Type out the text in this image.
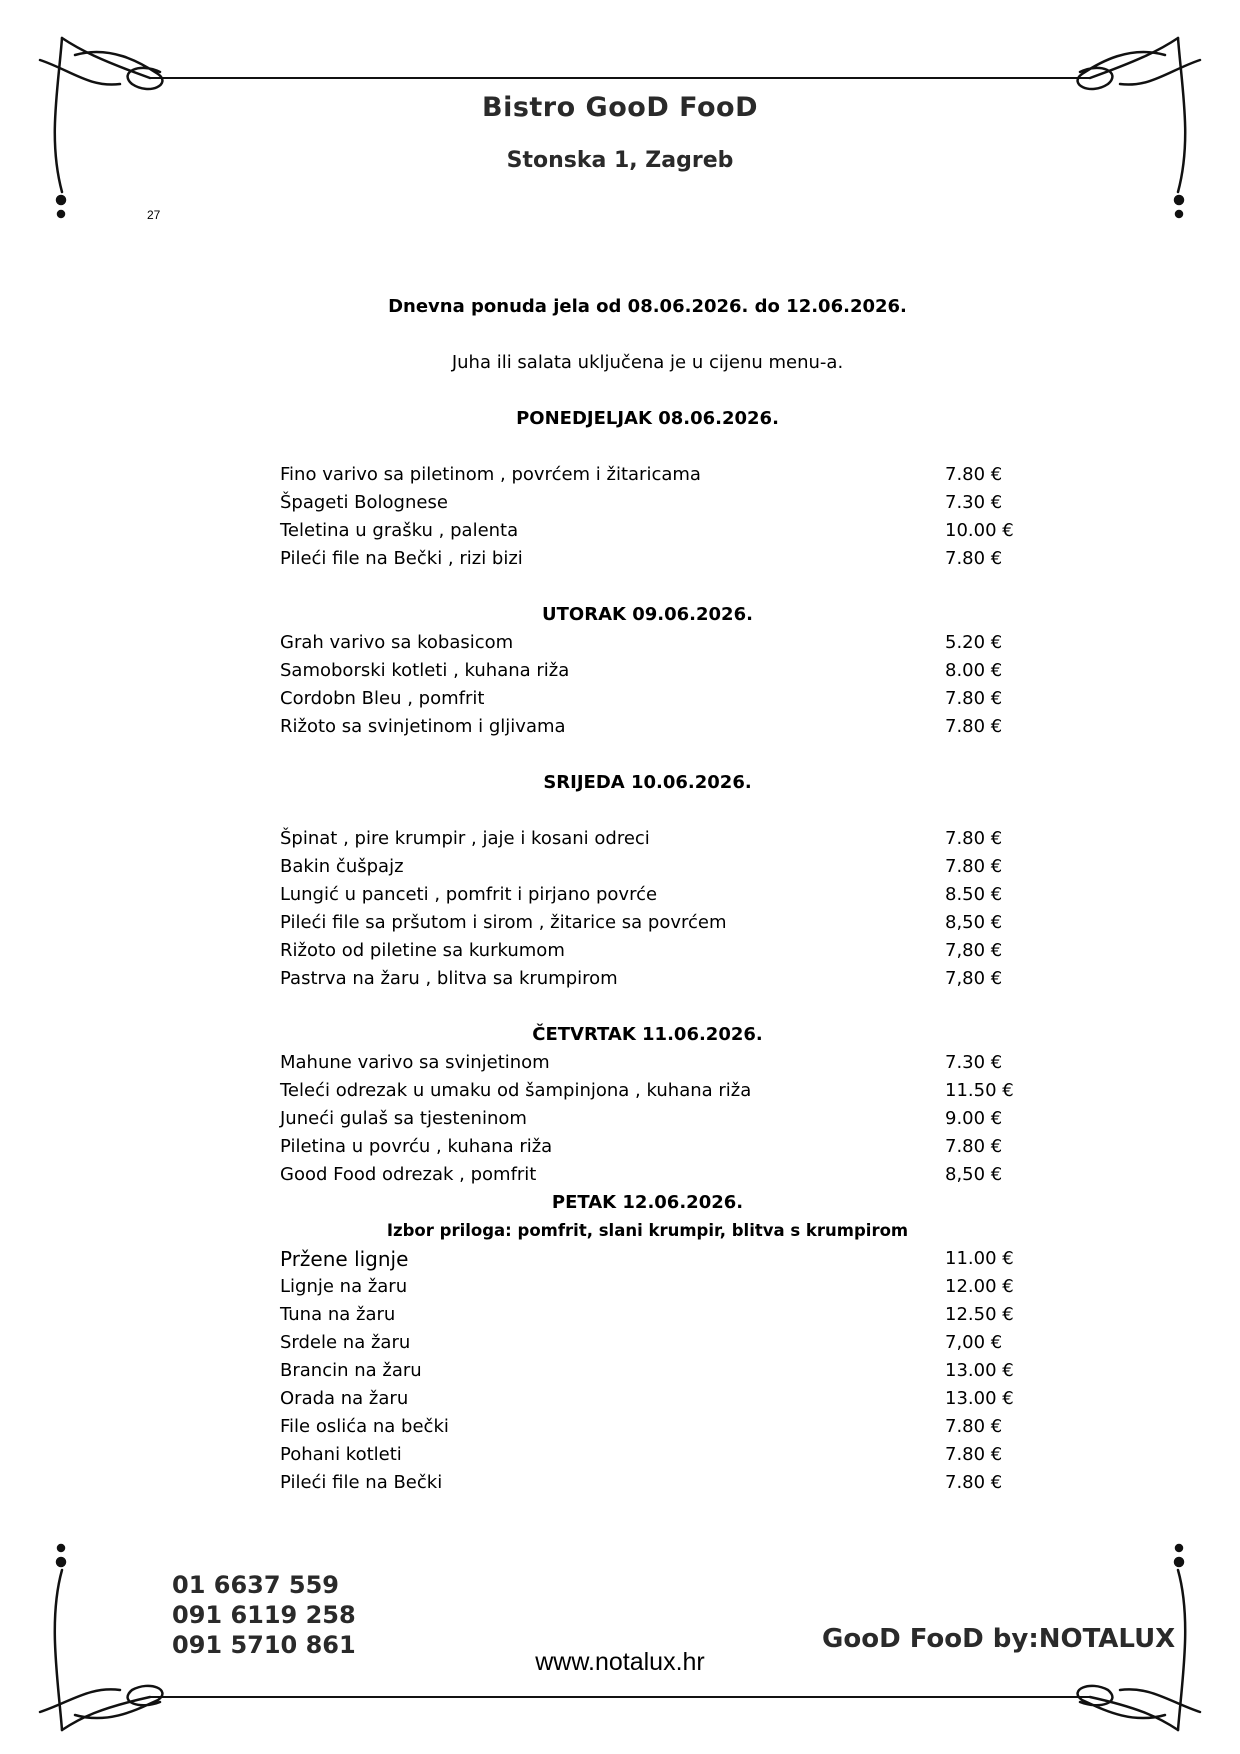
Bistro GooD FooD
Stonska 1, Zagreb
27
Dnevna ponuda jela od 08.06.2026. do 12.06.2026.
Juha ili salata uključena je u cijenu menu-a.
PONEDJELJAK 08.06.2026.
Fino varivo sa piletinom , povrćem i žitaricama	7.80 €
Špageti Bolognese	7.30 €
Teletina u grašku , palenta	10.00 €
Pileći file na Bečki , rizi bizi	7.80 €
UTORAK 09.06.2026.
Grah varivo sa kobasicom	5.20 €
Samoborski kotleti , kuhana riža	8.00 €
Cordobn Bleu , pomfrit	7.80 €
Rižoto sa svinjetinom i gljivama	7.80 €
SRIJEDA 10.06.2026.
Špinat , pire krumpir , jaje i kosani odreci	7.80 €
Bakin čušpajz	7.80 €
Lungić u panceti , pomfrit i pirjano povrće	8.50 €
Pileći file sa pršutom i sirom , žitarice sa povrćem	8,50 €
Rižoto od piletine sa kurkumom	7,80 €
Pastrva na žaru , blitva sa krumpirom	7,80 €
ČETVRTAK 11.06.2026.
Mahune varivo sa svinjetinom	7.30 €
Teleći odrezak u umaku od šampinjona , kuhana riža	11.50 €
Juneći gulaš sa tjesteninom	9.00 €
Piletina u povrću , kuhana riža	7.80 €
Good Food odrezak , pomfrit	8,50 €
PETAK 12.06.2026.
Izbor priloga: pomfrit, slani krumpir, blitva s krumpirom
Pržene lignje	11.00 €
Lignje na žaru	12.00 €
Tuna na žaru	12.50 €
Srdele na žaru	7,00 €
Brancin na žaru	13.00 €
Orada na žaru	13.00 €
File oslića na bečki	7.80 €
Pohani kotleti	7.80 €
Pileći file na Bečki	7.80 €
01 6637 559
091 6119 258
091 5710 861	GooD FooD by:NOTALUX
www.notalux.hr
